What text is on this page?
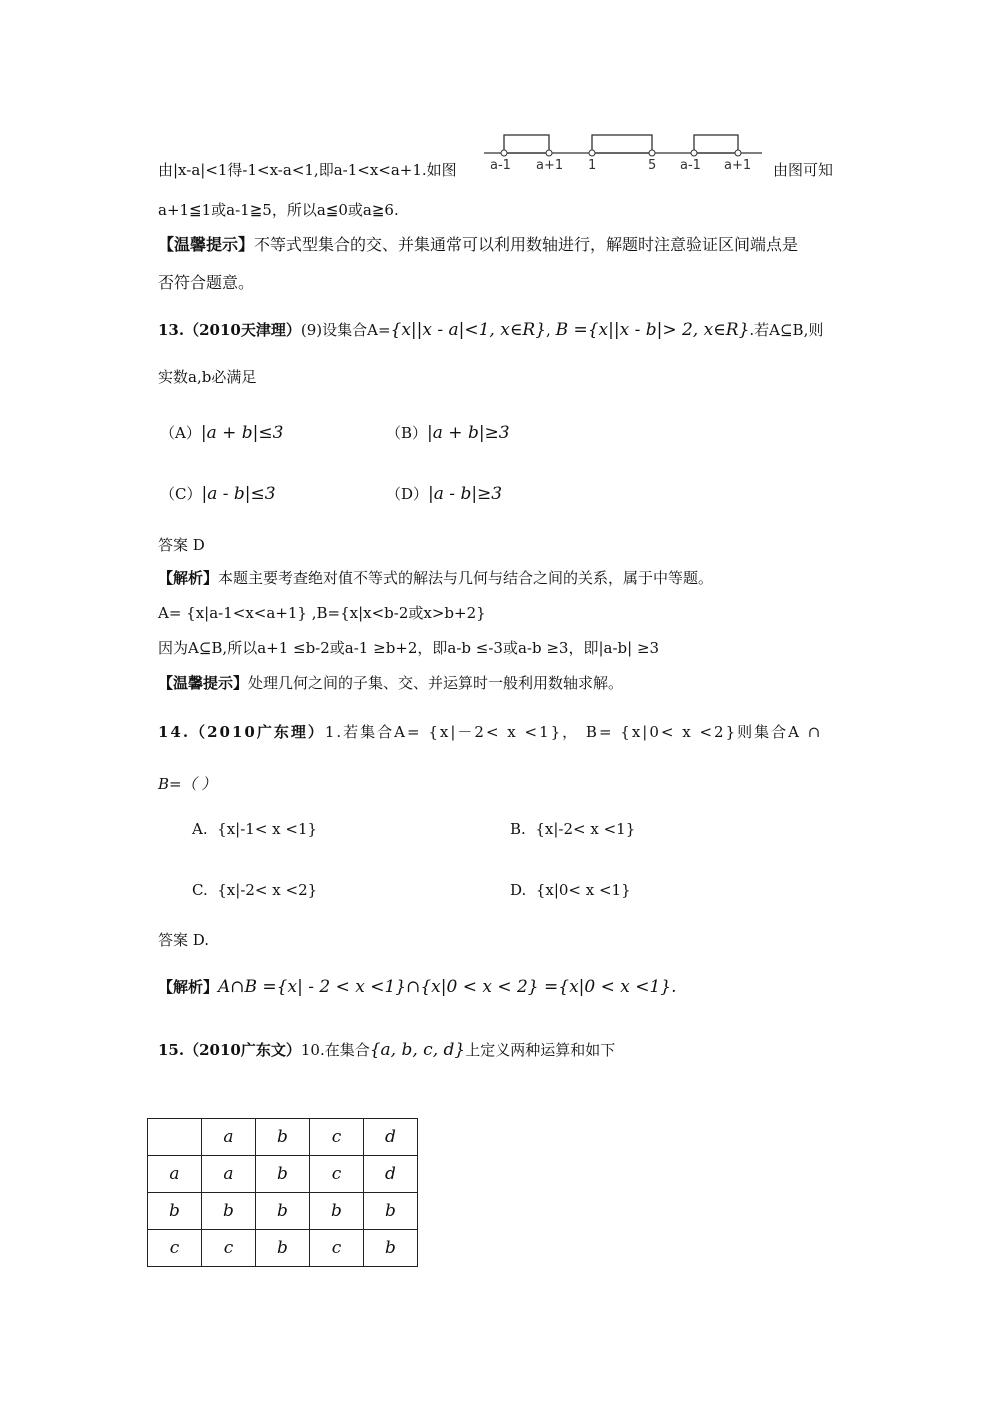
由|x-a|<1得-1<x-a<1,即a-1<x<a+1.如图	a-1 a+1 1	5 a-1 a+1 由图可知
a+1≦1或a-1≧5，所以a≦0或a≧6.
【温馨提示】不等式型集合的交、并集通常可以利用数轴进行，解题时注意验证区间端点是
否符合题意。
13.（2010天津理）(9)设集合A={x||x - a|<1, x∈R}, B ={x||x - b|> 2, x∈R}.若A⊆B,则
实数a,b必满足
（A）|a + b|≤3	（B）|a + b|≥3
（C）|a - b|≤3	（D）|a - b|≥3
答案 D
【解析】本题主要考查绝对值不等式的解法与几何与结合之间的关系，属于中等题。
A= {x|a-1<x<a+1} ,B={x|x<b-2或x>b+2}
因为A⊆B,所以a+1 ≤b-2或a-1 ≥b+2，即a-b ≤-3或a-b ≥3，即|a-b| ≥3
【温馨提示】处理几何之间的子集、交、并运算时一般利用数轴求解。
14.（2010广东理）1.若集合A= {x|－2< x <1}， B= {x|0< x <2}则集合A ∩
B=（ ）
A. {x|-1< x <1}	B. {x|-2< x <1}
C. {x|-2< x <2}	D. {x|0< x <1}
答案 D.
【解析】A∩B ={x| - 2 < x <1}∩{x|0 < x < 2} ={x|0 < x <1}.
15.（2010广东文）10.在集合{a, b, c, d}上定义两种运算和如下
	a	b	c	d
a	a	b	c	d
b	b	b	b	b
c	c	b	c	b
